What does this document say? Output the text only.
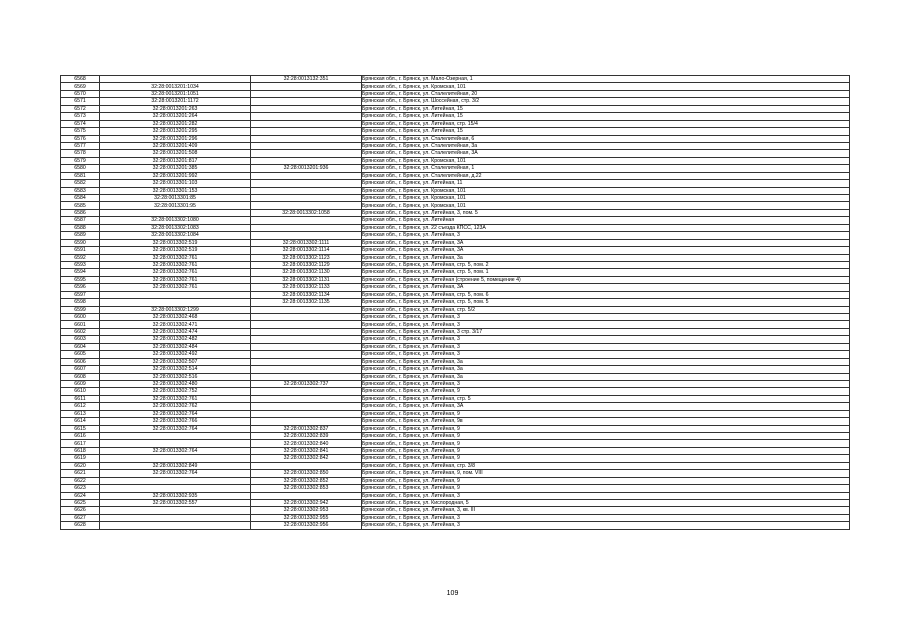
6568		32:28:0013132:351	Брянская обл., г. Брянск, ул. Мало-Озерная, 1
6569	32:28:0013201:1034		Брянская обл., г. Брянск, ул. Кромская, 101
6570	32:28:0013201:1051		Брянская обл., г. Брянск, ул. Сталелитейная, 20
6571	32:28:0013201:1172		Брянская обл., г. Брянск, ул. Шоссейная, стр. 3/2
6572	32:28:0013201:263		Брянская обл., г. Брянск, ул. Литейная, 15
6573	32:28:0013201:264		Брянская обл., г. Брянск, ул. Литейная, 15
6574	32:28:0013201:282		Брянская обл., г. Брянск, ул. Литейная, стр. 15/4
6575	32:28:0013201:295		Брянская обл., г. Брянск, ул. Литейная, 15
6576	32:28:0013201:296		Брянская обл., г. Брянск, ул. Сталелитейная, 6
6577	32:28:0013201:409		Брянская обл., г. Брянск, ул. Сталелитейная, 3а
6578	32:28:0013201:508		Брянская обл., г. Брянск, ул. Сталелитейная, 3А
6579	32:28:0013201:817		Брянская обл., г. Брянск, ул. Кромская, 101
6580	32:28:0013201:385	32:28:0013201:936	Брянская обл., г. Брянск, ул. Сталелитейная, 1
6581	32:28:0013201:992		Брянская обл., г. Брянск, ул. Сталелитейная, д.22
6582	32:28:0013301:103		Брянская обл., г. Брянск, ул. Литейная, 11
6583	32:28:0013301:153		Брянская обл., г. Брянск, ул. Кромская, 101
6584	32:28:0013301:85		Брянская обл., г. Брянск, ул. Кромская, 101
6585	32:28:0013301:95		Брянская обл., г. Брянск, ул. Кромская, 101
6586		32:28:0013302:1058	Брянская обл., г. Брянск, ул. Литейная, 3, пом. 5
6587	32:28:0013302:1080		Брянская обл., г. Брянск, ул. Литейная
6588	32:28:0013302:1083		Брянская обл., г. Брянск, ул. 22 съезда КПСС, 123А
6589	32:28:0013302:1084		Брянская обл., г. Брянск, ул. Литейная, 3
6590	32:28:0013302:519	32:28:0013302:1111	Брянская обл., г. Брянск, ул. Литейная, 3А
6591	32:28:0013302:519	32:28:0013302:1114	Брянская обл., г. Брянск, ул. Литейная, 3А
6592	32:28:0013302:761	32:28:0013302:1123	Брянская обл., г. Брянск, ул. Литейная, 3а
6593	32:28:0013302:761	32:28:0013302:1129	Брянская обл., г. Брянск, ул. Литейная, стр. 5, пом. 2
6594	32:28:0013302:761	32:28:0013302:1130	Брянская обл., г. Брянск, ул. Литейная, стр. 5, пом. 1
6595	32:28:0013302:761	32:28:0013302:1131	Брянская обл., г. Брянск, ул. Литейная (строение 5, помещение 4)
6596	32:28:0013302:761	32:28:0013302:1133	Брянская обл., г. Брянск, ул. Литейная, 3А
6597		32:28:0013302:1134	Брянская обл., г. Брянск, ул. Литейная, стр. 5, пом. 6
6598		32:28:0013302:1135	Брянская обл., г. Брянск, ул. Литейная, стр. 5, пом. 5
6599	32:28:0013302:1299		Брянская обл., г. Брянск, ул. Литейная, стр. 5/2
6600	32:28:0013302:468		Брянская обл., г. Брянск, ул. Литейная, 3
6601	32:28:0013302:471		Брянская обл., г. Брянск, ул. Литейная, 3
6602	32:28:0013302:474		Брянская обл., г. Брянск, ул. Литейная, 3 стр. 3/17
6603	32:28:0013302:482		Брянская обл., г. Брянск, ул. Литейная, 3
6604	32:28:0013302:484		Брянская обл., г. Брянск, ул. Литейная, 3
6605	32:28:0013302:492		Брянская обл., г. Брянск, ул. Литейная, 3
6606	32:28:0013302:507		Брянская обл., г. Брянск, ул. Литейная, 3а
6607	32:28:0013302:514		Брянская обл., г. Брянск, ул. Литейная, 3а
6608	32:28:0013302:516		Брянская обл., г. Брянск, ул. Литейная, 3а
6609	32:28:0013302:480	32:28:0013302:737	Брянская обл., г. Брянск, ул. Литейная, 3
6610	32:28:0013302:752		Брянская обл., г. Брянск, ул. Литейная, 9
6611	32:28:0013302:761		Брянская обл., г. Брянск, ул. Литейная, стр. 5
6612	32:28:0013302:762		Брянская обл., г. Брянск, ул. Литейная, 3А
6613	32:28:0013302:764		Брянская обл., г. Брянск, ул. Литейная, 9
6614	32:28:0013302:766		Брянская обл., г. Брянск, ул. Литейная, 9в
6615	32:28:0013302:764	32:28:0013302:837	Брянская обл., г. Брянск, ул. Литейная, 9
6616		32:28:0013302:839	Брянская обл., г. Брянск, ул. Литейная, 9
6617		32:28:0013302:840	Брянская обл., г. Брянск, ул. Литейная, 9
6618	32:28:0013302:764	32:28:0013302:841	Брянская обл., г. Брянск, ул. Литейная, 9
6619		32:28:0013302:842	Брянская обл., г. Брянск, ул. Литейная, 9
6620	32:28:0013302:849		Брянская обл., г. Брянск, ул. Литейная, стр. 3/8
6621	32:28:0013302:764	32:28:0013302:850	Брянская обл., г. Брянск, ул. Литейная, 9, пом. VIII
6622		32:28:0013302:852	Брянская обл., г. Брянск, ул. Литейная, 9
6623		32:28:0013302:853	Брянская обл., г. Брянск, ул. Литейная, 9
6624	32:28:0013302:935		Брянская обл., г. Брянск, ул. Литейная, 3
6625	32:28:0013302:557	32:28:0013302:942	Брянская обл., г. Брянск, ул. Кислородная, 5
6626		32:28:0013302:953	Брянская обл., г. Брянск, ул. Литейная, 3, кв. III
6627		32:28:0013302:955	Брянская обл., г. Брянск, ул. Литейная, 3
6628		32:28:0013302:956	Брянская обл., г. Брянск, ул. Литейная, 3
109
